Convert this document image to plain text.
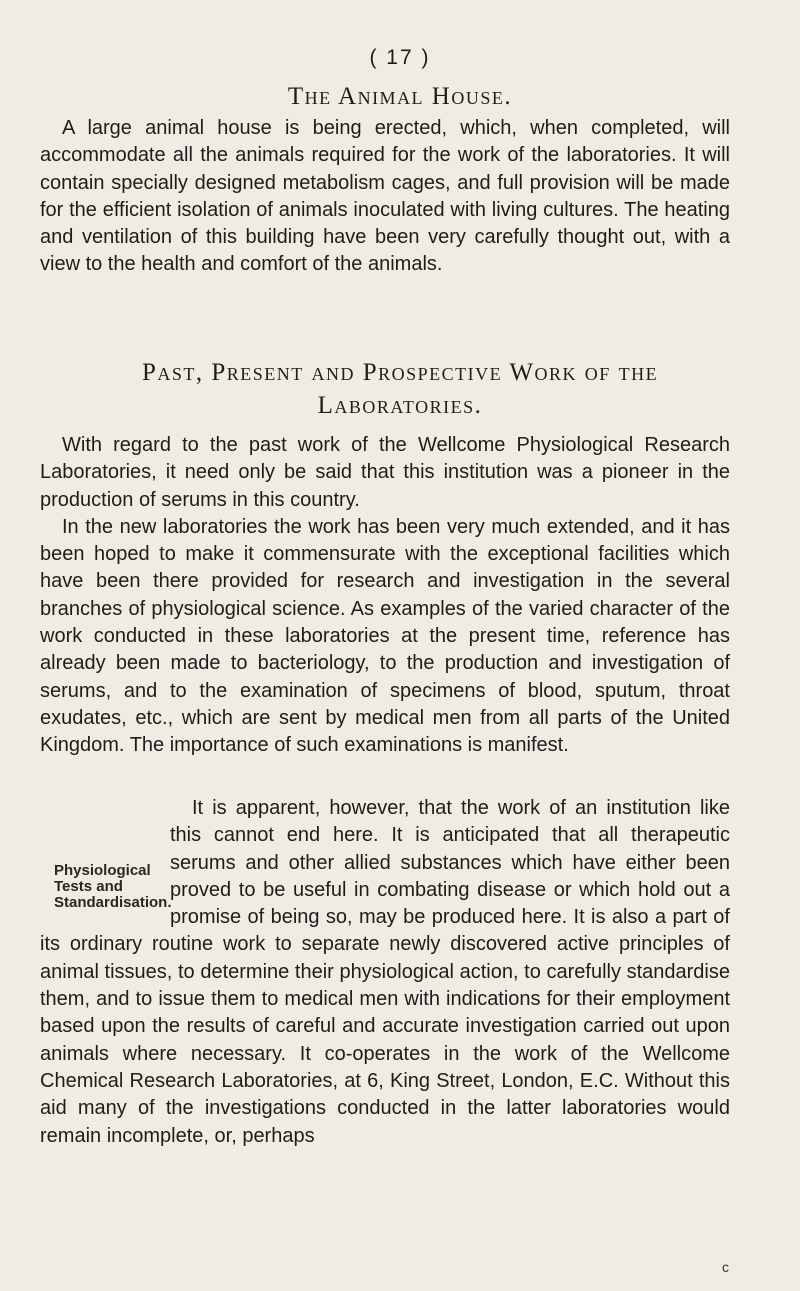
( 17 )
The Animal House.

A large animal house is being erected, which, when completed, will accommodate all the animals required for the work of the laboratories. It will contain specially designed metabolism cages, and full provision will be made for the efficient isolation of animals inoculated with living cultures. The heating and ventilation of this building have been very carefully thought out, with a view to the health and comfort of the animals.

Past, Present and Prospective Work of the
Laboratories.

With regard to the past work of the Wellcome Physiological Research Laboratories, it need only be said that this institution was a pioneer in the production of serums in this country.

In the new laboratories the work has been very much extended, and it has been hoped to make it commensurate with the exceptional facilities which have been there provided for research and investigation in the several branches of physiological science. As examples of the varied character of the work conducted in these laboratories at the present time, reference has already been made to bacteriology, to the production and investigation of serums, and to the examination of specimens of blood, sputum, throat exudates, etc., which are sent by medical men from all parts of the United Kingdom. The importance of such examinations is manifest.

Physiological
Tests and
Standardisation.

It is apparent, however, that the work of an institution like this cannot end here. It is anticipated that all therapeutic serums and other allied substances which have either been proved to be useful in combating disease or which hold out a promise of being so, may be produced here. It is also a part of its ordinary routine work to separate newly discovered active principles of animal tissues, to determine their physiological action, to carefully standardise them, and to issue them to medical men with indications for their employment based upon the results of careful and accurate investigation carried out upon animals where necessary. It co-operates in the work of the Wellcome Chemical Research Laboratories, at 6, King Street, London, E.C. Without this aid many of the investigations conducted in the latter laboratories would remain incomplete, or, perhaps

c
